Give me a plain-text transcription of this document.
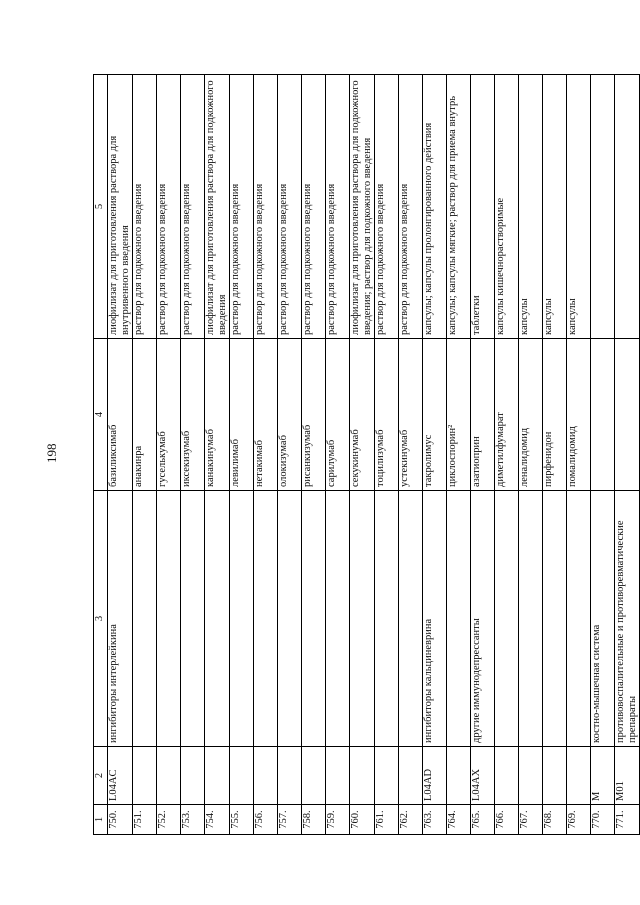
198
1	2	3	4	5
750.	L04AC	ингибиторы интерлейкина	базиликсимаб	лиофилизат для приготовления раствора для внутривенного введения
751.			анакинра	раствор для подкожного введения
752.			гуселькумаб	раствор для подкожного введения
753.			иксекизумаб	раствор для подкожного введения
754.			канакинумаб	лиофилизат для приготовления раствора для подкожного введения
755.			левилимаб	раствор для подкожного введения
756.			нетакимаб	раствор для подкожного введения
757.			олокизумаб	раствор для подкожного введения
758.			рисанкизумаб	раствор для подкожного введения
759.			сарилумаб	раствор для подкожного введения
760.			секукинумаб	лиофилизат для приготовления раствора для подкожного введения; раствор для подкожного введения
761.			тоцилизумаб	раствор для подкожного введения
762.			устекинумаб	раствор для подкожного введения
763.	L04AD	ингибиторы кальциневрина	такролимус	капсулы; капсулы пролонгированного действия
764.			циклоспорин²	капсулы; капсулы мягкие; раствор для приема внутрь
765.	L04AX	другие иммунодепрессанты	азатиоприн	таблетки
766.			диметилфумарат	капсулы кишечнорастворимые
767.			леналидомид	капсулы
768.			пирфенидон	капсулы
769.			помалидомид	капсулы
770.	M	костно-мышечная система		
771.	M01	противовоспалительные и противоревматические препараты		
